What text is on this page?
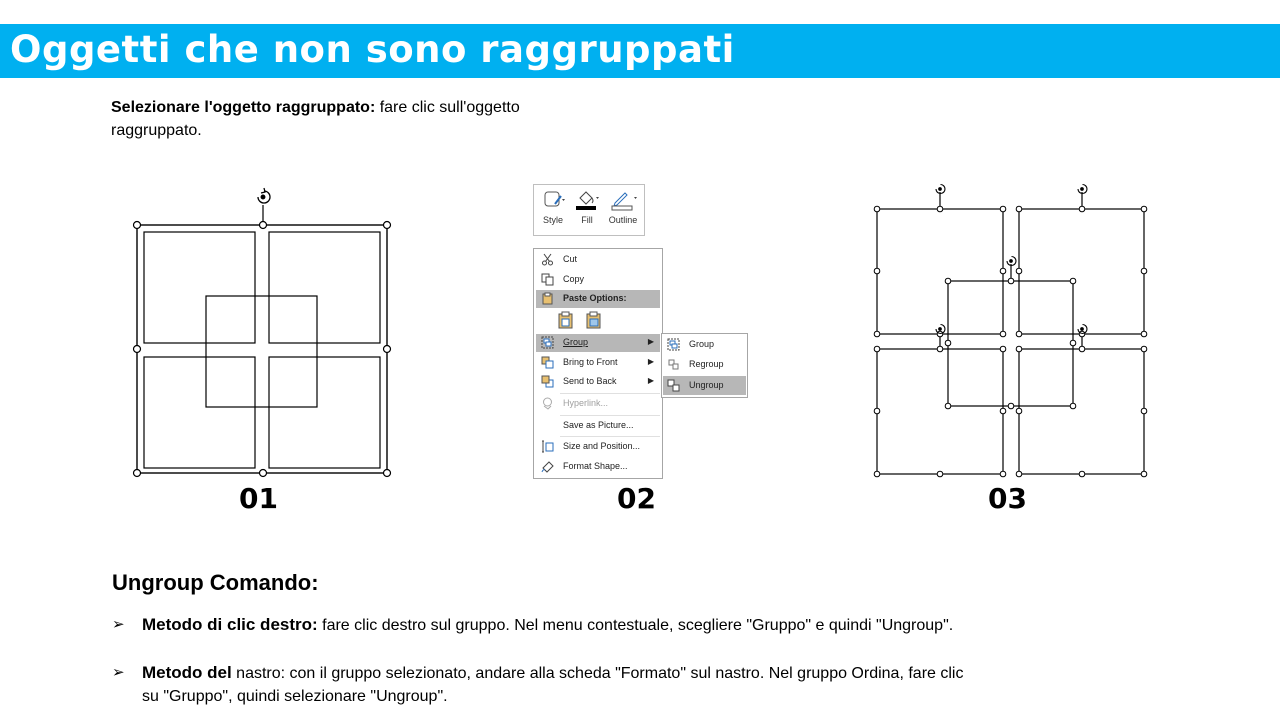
Oggetti che non sono raggruppati
Selezionare l'oggetto raggruppato: fare clic sull'oggetto raggruppato.
01
Style	Fill	Outline
Cut
Copy
Paste Options:
Group	▶
Bring to Front	▶
Send to Back	▶
Hyperlink...
Save as Picture...
Size and Position...
Format Shape...
Group
Regroup
Ungroup
02	03
Ungroup Comando:
➢ Metodo di clic destro: fare clic destro sul gruppo. Nel menu contestuale, scegliere "Gruppo" e quindi "Ungroup".
➢ Metodo del nastro: con il gruppo selezionato, andare alla scheda "Formato" sul nastro. Nel gruppo Ordina, fare clic su "Gruppo", quindi selezionare "Ungroup".
